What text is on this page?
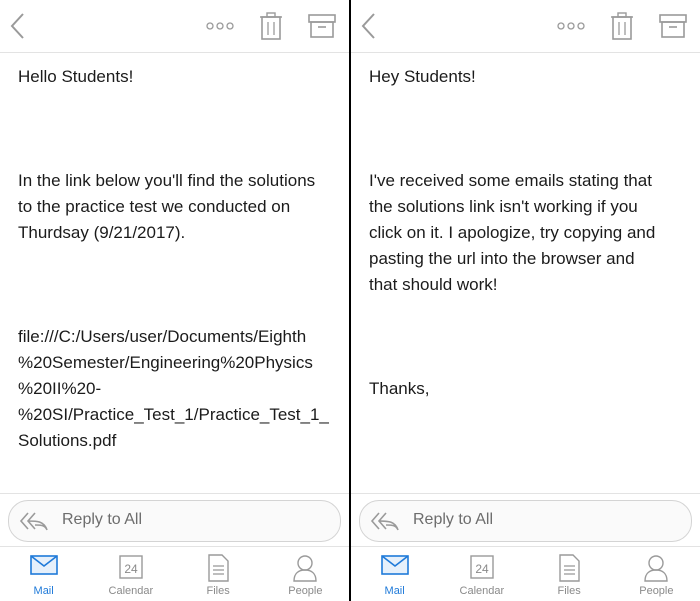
Hello Students!
In the link below you'll find the solutions
to the practice test we conducted on
Thurdsay (9/21/2017).
file:///C:/Users/user/Documents/Eighth
%20Semester/Engineering%20Physics
%20II%20-
%20SI/Practice_Test_1/Practice_Test_1_
Solutions.pdf
Reply to All
Mail
24
Calendar	Files	People
Hey Students!
I've received some emails stating that
the solutions link isn't working if you
click on it. I apologize, try copying and
pasting the url into the browser and
that should work!
Thanks,
Reply to All
Mail
24
Calendar	Files	People
